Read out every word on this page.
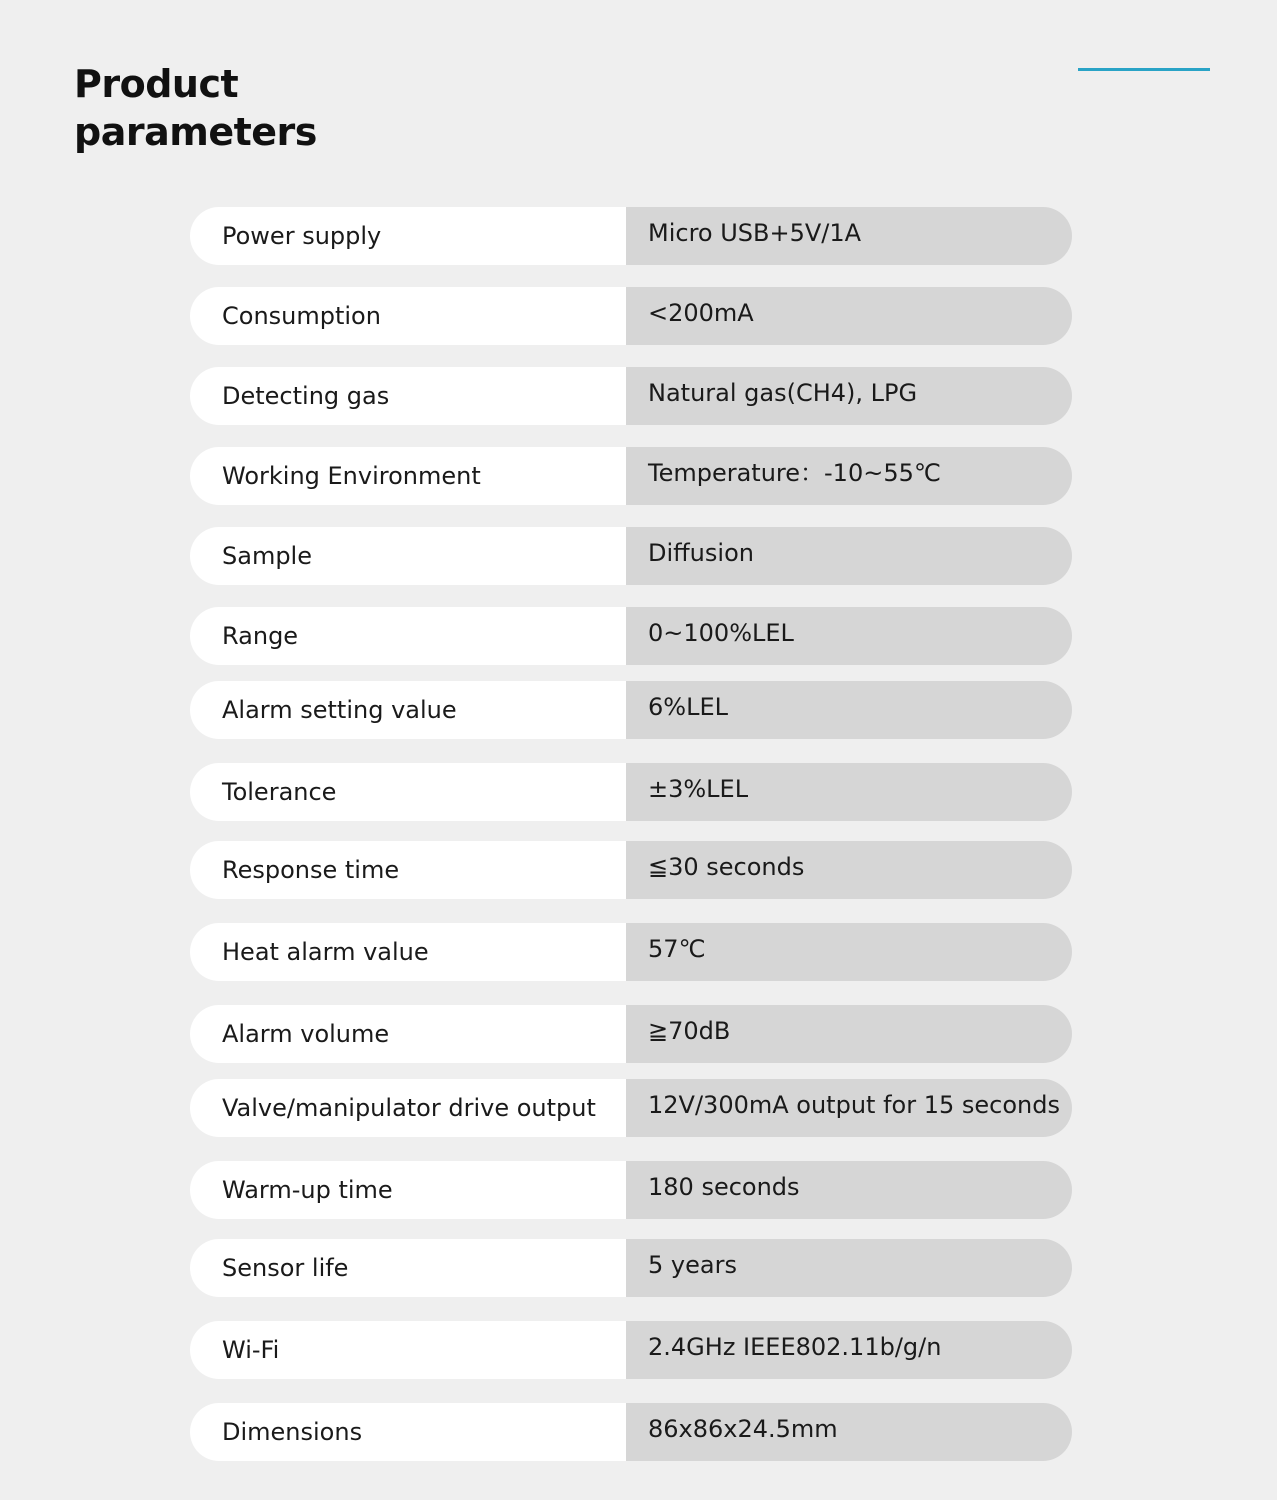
Product
parameters
Power supply	Micro USB+5V/1A
Consumption	<200mA
Detecting gas	Natural gas(CH4), LPG
Working Environment	Temperature：-10~55℃
Sample	Diffusion
Range	0~100%LEL
Alarm setting value	6%LEL
Tolerance	±3%LEL
Response time	≦30 seconds
Heat alarm value	57℃
Alarm volume	≧70dB
Valve/manipulator drive output	12V/300mA output for 15 seconds
Warm-up time	180 seconds
Sensor life	5 years
Wi-Fi	2.4GHz IEEE802.11b/g/n
Dimensions	86x86x24.5mm
